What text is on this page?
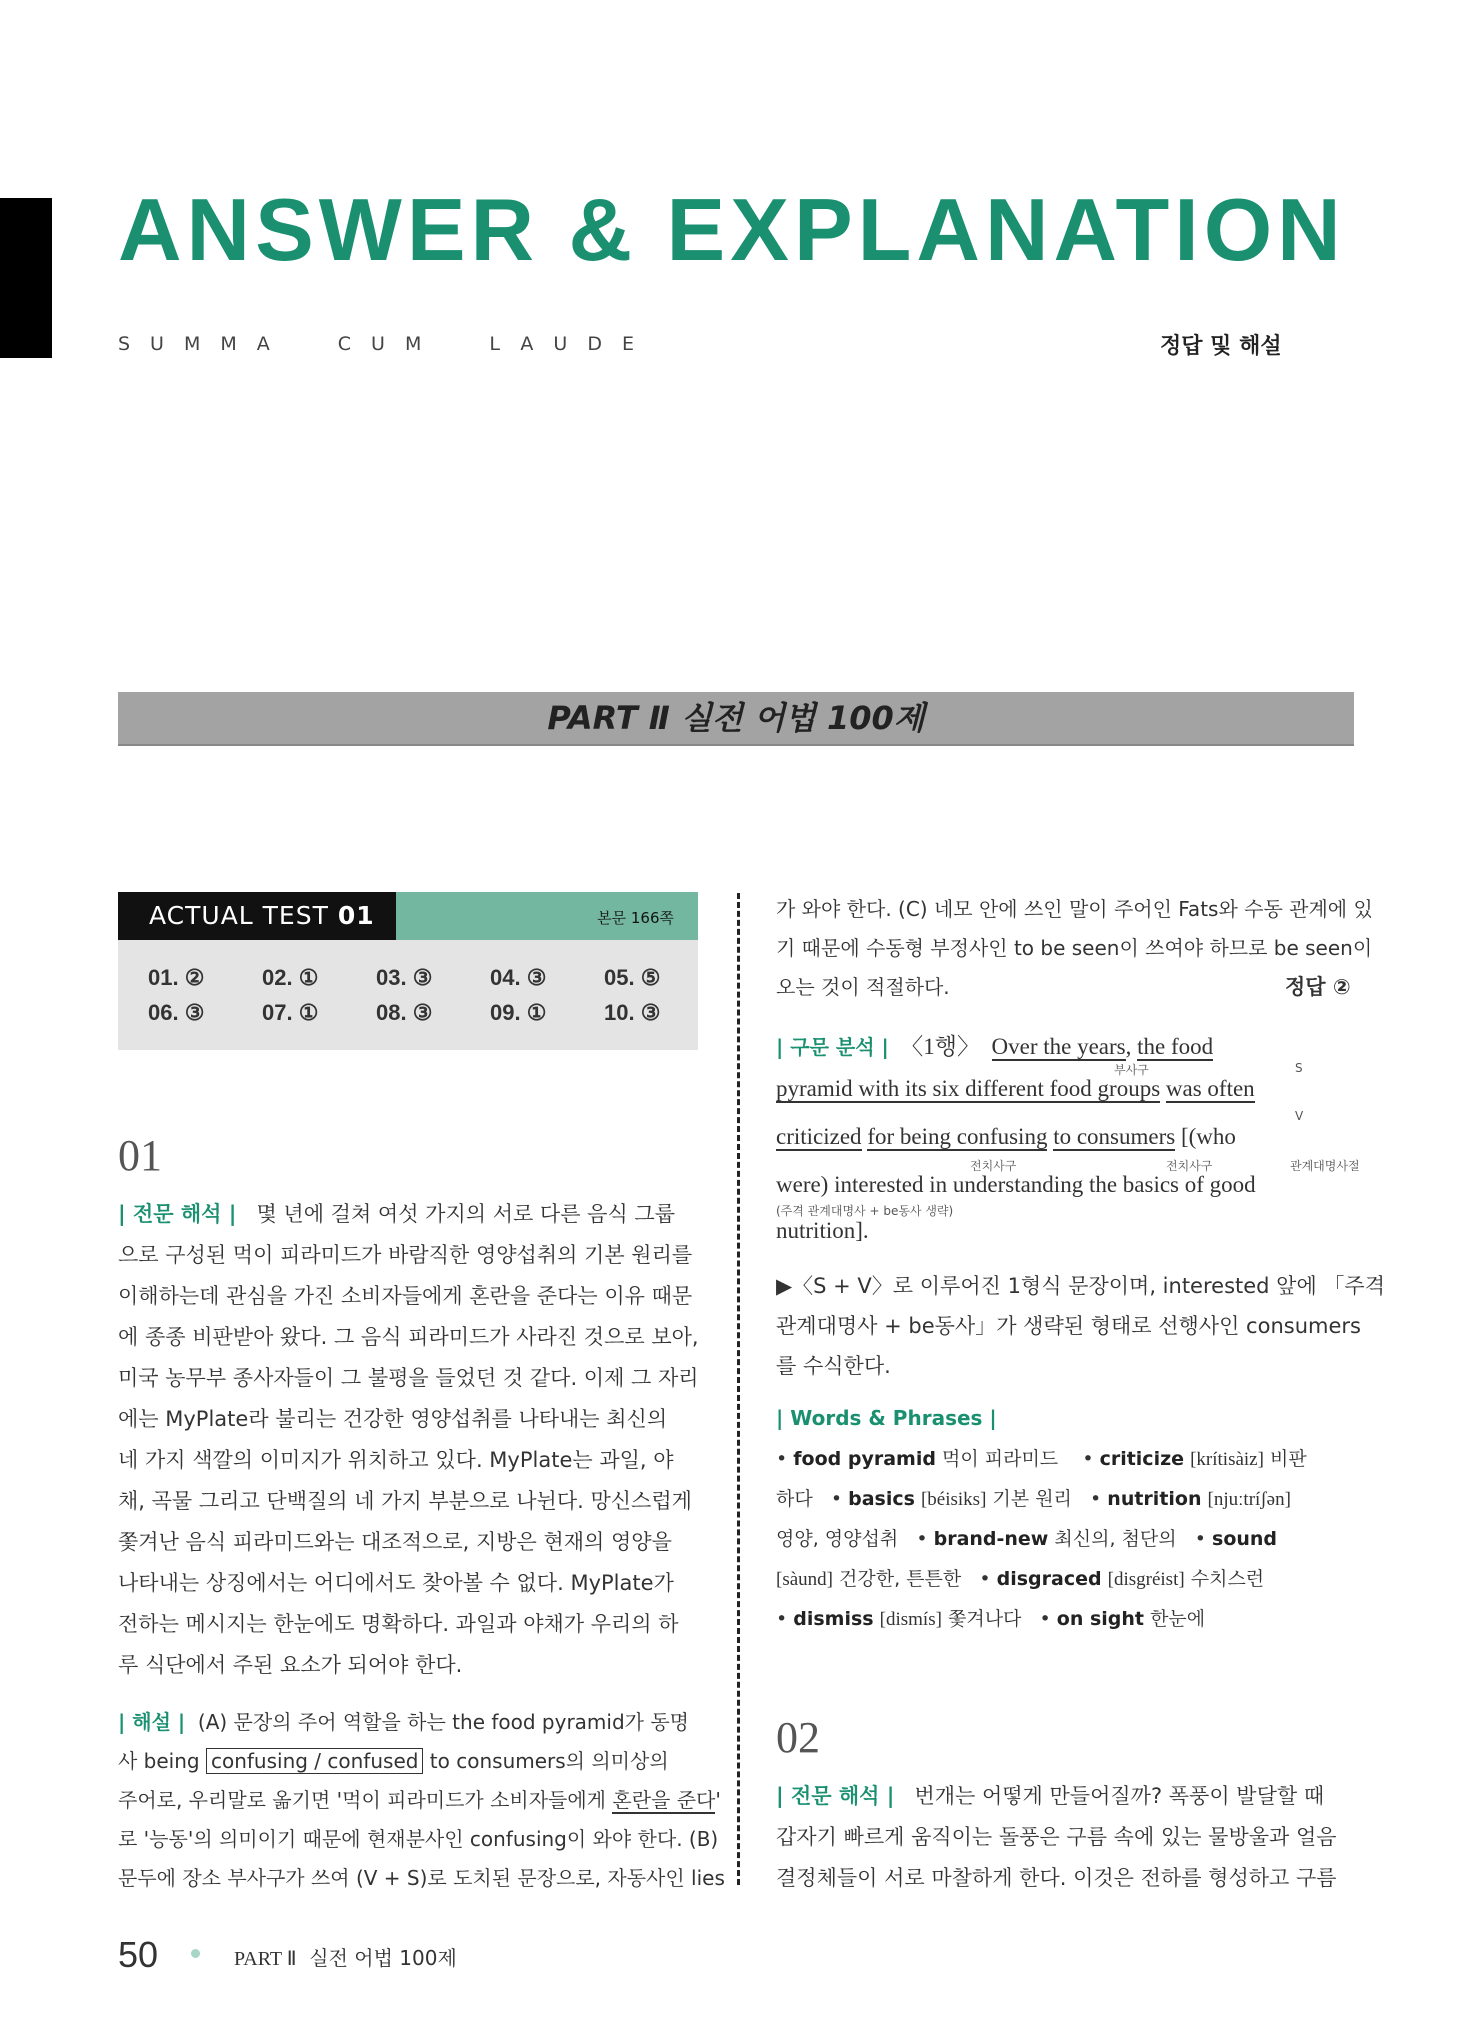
ANSWER & EXPLANATION
SUMMA CUM LAUDE	정답 및 해설
PART Ⅱ 실전 어법 100제
ACTUAL TEST 01	본문 166쪽
01. ②	02. ①	03. ③	04. ③	05. ⑤
06. ③	07. ①	08. ③	09. ①	10. ③
01
| 전문 해석 | 몇 년에 걸쳐 여섯 가지의 서로 다른 음식 그룹
으로 구성된 먹이 피라미드가 바람직한 영양섭취의 기본 원리를
이해하는데 관심을 가진 소비자들에게 혼란을 준다는 이유 때문
에 종종 비판받아 왔다. 그 음식 피라미드가 사라진 것으로 보아,
미국 농무부 종사자들이 그 불평을 들었던 것 같다. 이제 그 자리
에는 MyPlate라 불리는 건강한 영양섭취를 나타내는 최신의
네 가지 색깔의 이미지가 위치하고 있다. MyPlate는 과일, 야
채, 곡물 그리고 단백질의 네 가지 부분으로 나뉜다. 망신스럽게
쫓겨난 음식 피라미드와는 대조적으로, 지방은 현재의 영양을
나타내는 상징에서는 어디에서도 찾아볼 수 없다. MyPlate가
전하는 메시지는 한눈에도 명확하다. 과일과 야채가 우리의 하
루 식단에서 주된 요소가 되어야 한다.
| 해설 | (A) 문장의 주어 역할을 하는 the food pyramid가 동명
사 being confusing / confused to consumers의 의미상의
주어로, 우리말로 옮기면 '먹이 피라미드가 소비자들에게 혼란을 준다'
로 '능동'의 의미이기 때문에 현재분사인 confusing이 와야 한다. (B)
문두에 장소 부사구가 쓰여 (V + S)로 도치된 문장으로, 자동사인 lies
가 와야 한다. (C) 네모 안에 쓰인 말이 주어인 Fats와 수동 관계에 있
기 때문에 수동형 부정사인 to be seen이 쓰여야 하므로 be seen이
오는 것이 적절하다.	정답 ②
| 구문 분석 | 〈1행〉 Over the years, the food
부사구	S
pyramid with its six different food groups was often
V
criticized for being confusing to consumers [(who
전치사구	전치사구	관계대명사절
were) interested in understanding the basics of good
(주격 관계대명사 + be동사 생략)
nutrition].
▶〈S + V〉로 이루어진 1형식 문장이며, interested 앞에 「주격
관계대명사 + be동사」가 생략된 형태로 선행사인 consumers
를 수식한다.
| Words & Phrases |
• food pyramid 먹이 피라미드    • criticize [krítisàiz] 비판
하다   • basics [béisiks] 기본 원리   • nutrition [njuːtríʃən]
영양, 영양섭취   • brand-new 최신의, 첨단의   • sound
[sàund] 건강한, 튼튼한   • disgraced [disgréist] 수치스런
• dismiss [dismís] 쫓겨나다   • on sight 한눈에
02
| 전문 해석 | 번개는 어떻게 만들어질까? 폭풍이 발달할 때
갑자기 빠르게 움직이는 돌풍은 구름 속에 있는 물방울과 얼음
결정체들이 서로 마찰하게 한다. 이것은 전하를 형성하고 구름
50	PART Ⅱ 실전 어법 100제
